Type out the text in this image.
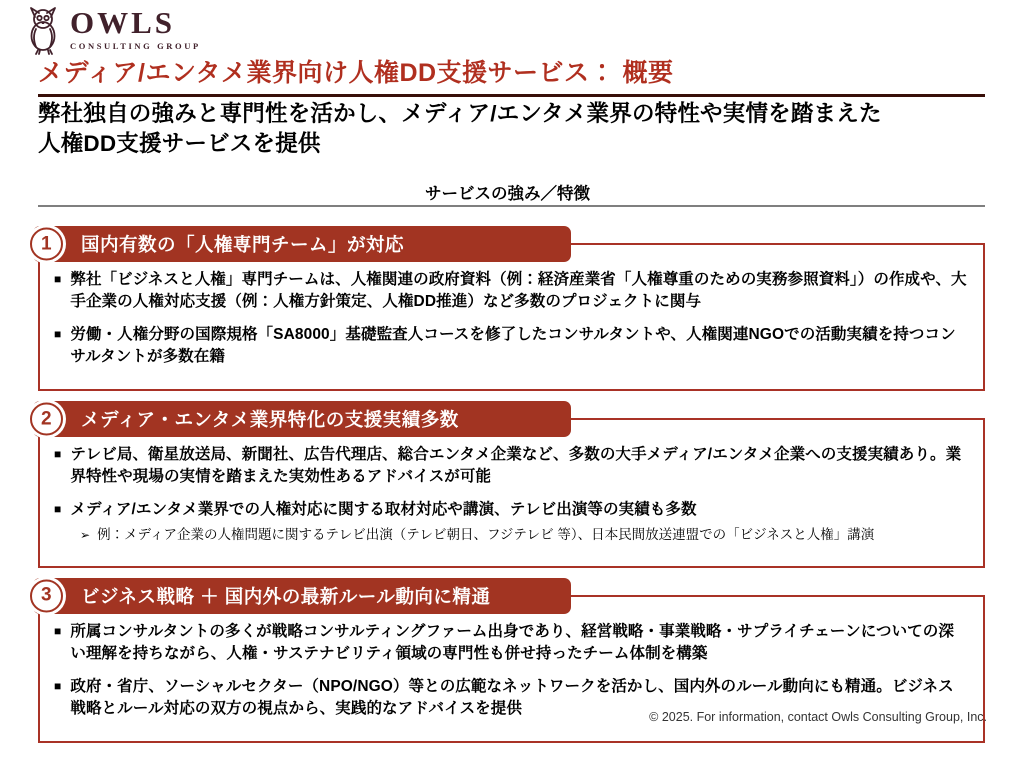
OWLS
CONSULTING GROUP
メディア/エンタメ業界向け人権DD支援サービス： 概要
弊社独自の強みと専門性を活かし、メディア/エンタメ業界の特性や実情を踏まえた
人権DD支援サービスを提供
サービスの強み／特徴
1	国内有数の「人権専門チーム」が対応
■ 弊社「ビジネスと人権」専門チームは、人権関連の政府資料（例：経済産業省「人権尊重のための実務参照資料」）の作成や、大手企業の人権対応支援（例：人権方針策定、人権DD推進）など多数のプロジェクトに関与
■ 労働・人権分野の国際規格「SA8000」基礎監査人コースを修了したコンサルタントや、人権関連NGOでの活動実績を持つコンサルタントが多数在籍
2	メディア・エンタメ業界特化の支援実績多数
■ テレビ局、衛星放送局、新聞社、広告代理店、総合エンタメ企業など、多数の大手メディア/エンタメ企業への支援実績あり。業界特性や現場の実情を踏まえた実効性あるアドバイスが可能
■ メディア/エンタメ業界での人権対応に関する取材対応や講演、テレビ出演等の実績も多数
➢ 例：メディア企業の人権問題に関するテレビ出演（テレビ朝日、フジテレビ 等）、日本民間放送連盟での「ビジネスと人権」講演
3	ビジネス戦略 ＋ 国内外の最新ルール動向に精通
■ 所属コンサルタントの多くが戦略コンサルティングファーム出身であり、経営戦略・事業戦略・サプライチェーンについての深い理解を持ちながら、人権・サステナビリティ領域の専門性も併せ持ったチーム体制を構築
■ 政府・省庁、ソーシャルセクター（NPO/NGO）等との広範なネットワークを活かし、国内外のルール動向にも精通。ビジネス戦略とルール対応の双方の視点から、実践的なアドバイスを提供
© 2025. For information, contact Owls Consulting Group, Inc.
